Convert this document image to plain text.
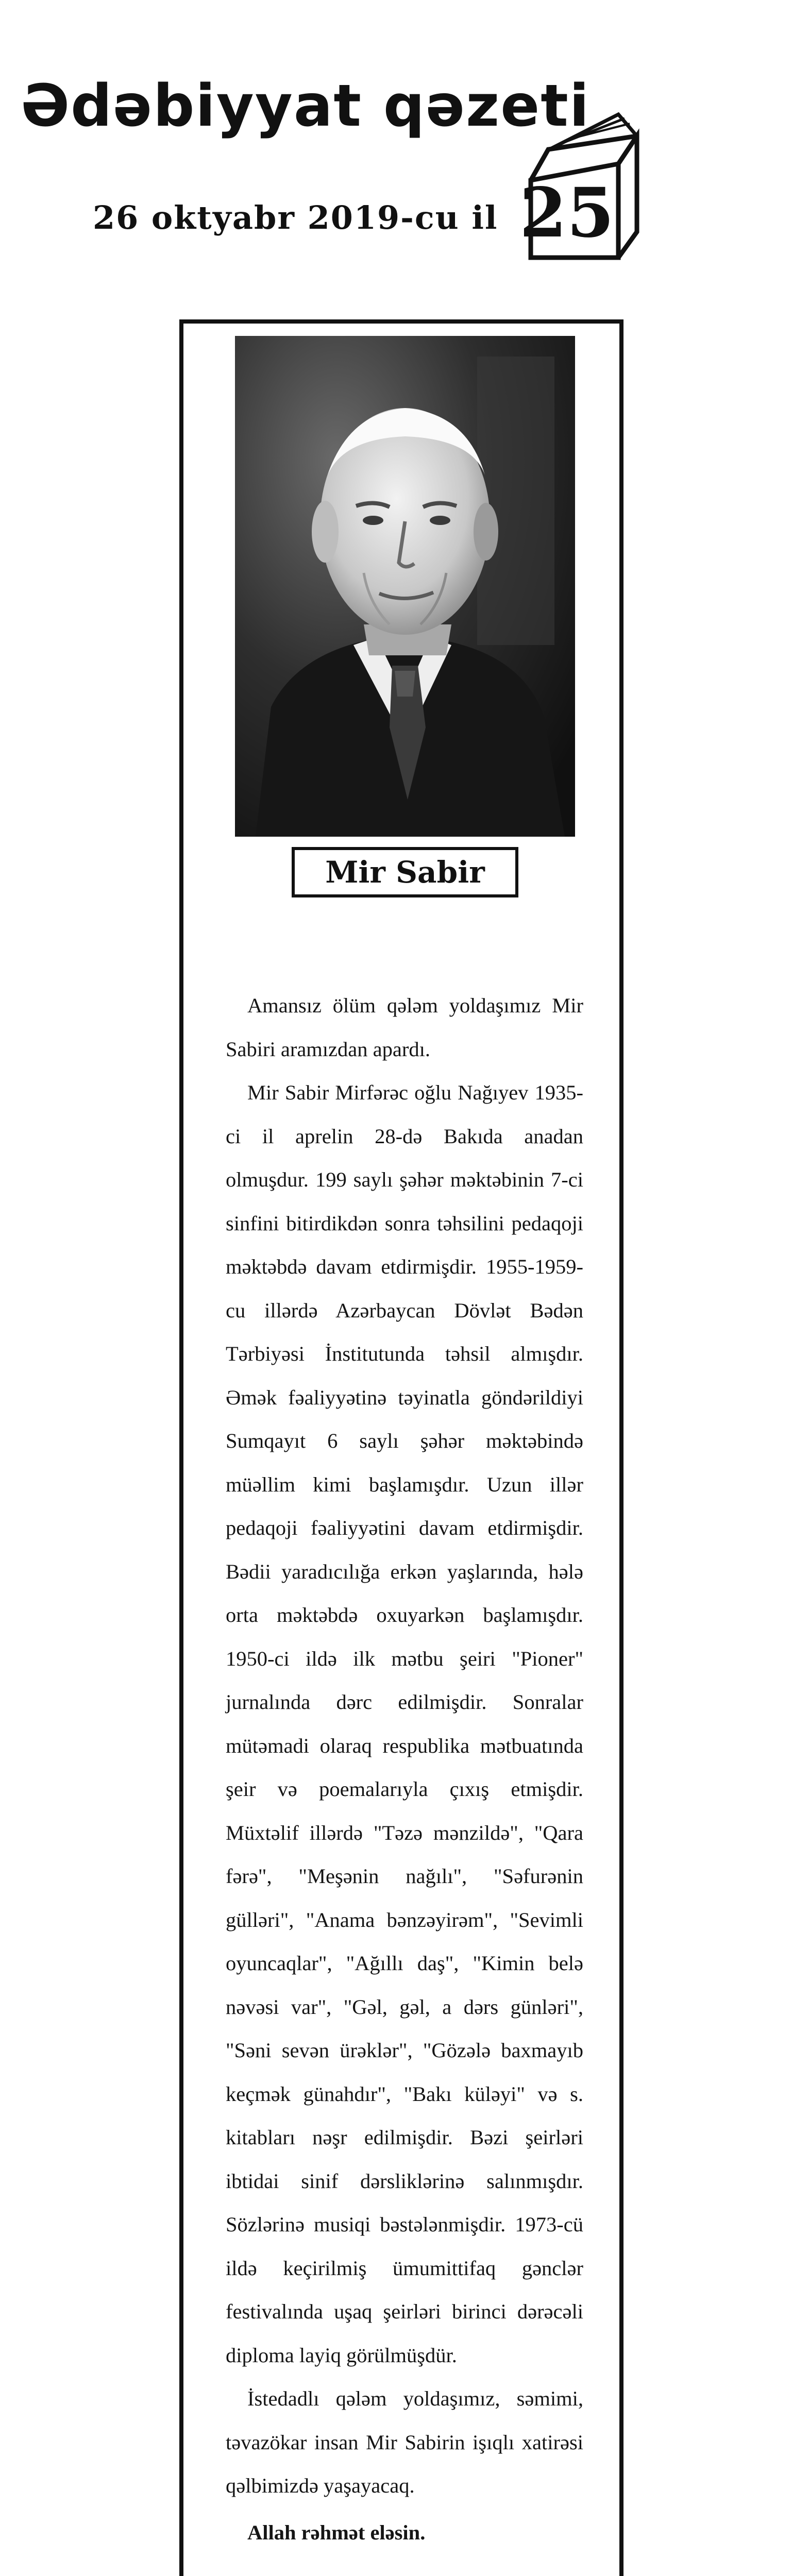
Ədəbiyyat qəzeti
26 oktyabr 2019-cu il 25
Mir Sabir

Amansız ölüm qələm yoldaşımız Mir Sabiri aramızdan apardı.

Mir Sabir Mirfərəc oğlu Nağıyev 1935-ci il aprelin 28-də Bakıda anadan olmuşdur. 199 saylı şəhər məktəbinin 7-ci sinfini bitirdikdən sonra təhsilini pedaqoji məktəbdə davam etdirmişdir. 1955-1959-cu illərdə Azərbaycan Dövlət Bədən Tərbiyəsi İnstitutunda təhsil almışdır. Əmək fəaliyyətinə təyinatla göndərildiyi Sumqayıt 6 saylı şəhər məktəbində müəllim kimi başlamışdır. Uzun illər pedaqoji fəaliyyətini davam etdirmişdir. Bədii yaradıcılığa erkən yaşlarında, hələ orta məktəbdə oxuyarkən başlamışdır. 1950-ci ildə ilk mətbu şeiri "Pioner" jurnalında dərc edilmişdir. Sonralar mütəmadi olaraq respublika mətbuatında şeir və poemalarıyla çıxış etmişdir. Müxtəlif illərdə "Təzə mənzildə", "Qara fərə", "Meşənin nağılı", "Səfurənin gülləri", "Anama bənzəyirəm", "Sevimli oyuncaqlar", "Ağıllı daş", "Kimin belə nəvəsi var", "Gəl, gəl, a dərs günləri", "Səni sevən ürəklər", "Gözələ baxmayıb keçmək günahdır", "Bakı küləyi" və s. kitabları nəşr edilmişdir. Bəzi şeirləri ibtidai sinif dərsliklərinə salınmışdır. Sözlərinə musiqi bəstələnmişdir. 1973-cü ildə keçirilmiş ümumittifaq gənclər festivalında uşaq şeirləri birinci dərəcəli diploma layiq görülmüşdür.

İstedadlı qələm yoldaşımız, səmimi, təvazökar insan Mir Sabirin işıqlı xatirəsi qəlbimizdə yaşayacaq.

Allah rəhmət eləsin.
